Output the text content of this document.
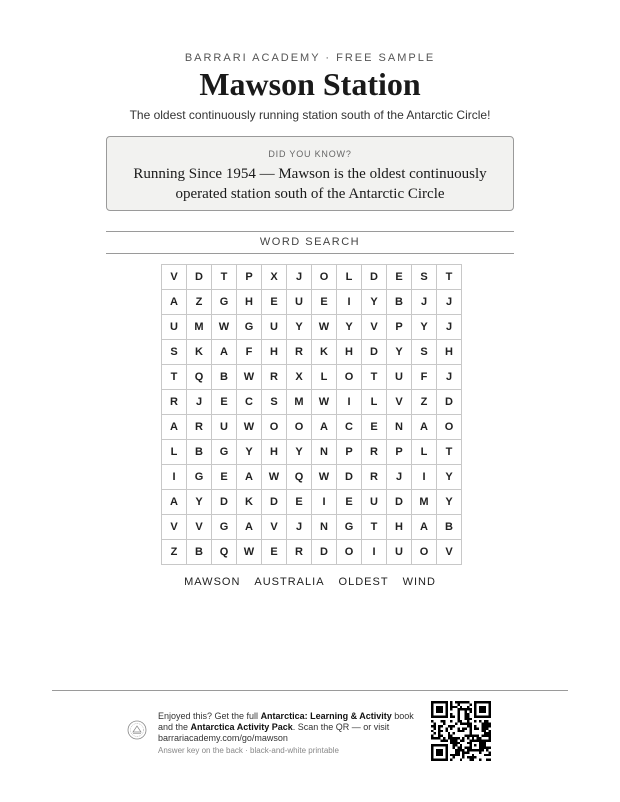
BARRARI ACADEMY · FREE SAMPLE
Mawson Station
The oldest continuously running station south of the Antarctic Circle!
DID YOU KNOW?
Running Since 1954 — Mawson is the oldest continuously operated station south of the Antarctic Circle
WORD SEARCH
V	D	T	P	X	J	O	L	D	E	S	T
A	Z	G	H	E	U	E	I	Y	B	J	J
U	M	W	G	U	Y	W	Y	V	P	Y	J
S	K	A	F	H	R	K	H	D	Y	S	H
T	Q	B	W	R	X	L	O	T	U	F	J
R	J	E	C	S	M	W	I	L	V	Z	D
A	R	U	W	O	O	A	C	E	N	A	O
L	B	G	Y	H	Y	N	P	R	P	L	T
I	G	E	A	W	Q	W	D	R	J	I	Y
A	Y	D	K	D	E	I	E	U	D	M	Y
V	V	G	A	V	J	N	G	T	H	A	B
Z	B	Q	W	E	R	D	O	I	U	O	V
MAWSON AUSTRALIA OLDEST WIND
Enjoyed this? Get the full Antarctica: Learning & Activity book and the Antarctica Activity Pack. Scan the QR — or visit barrariacademy.com/go/mawson
Answer key on the back · black-and-white printable
